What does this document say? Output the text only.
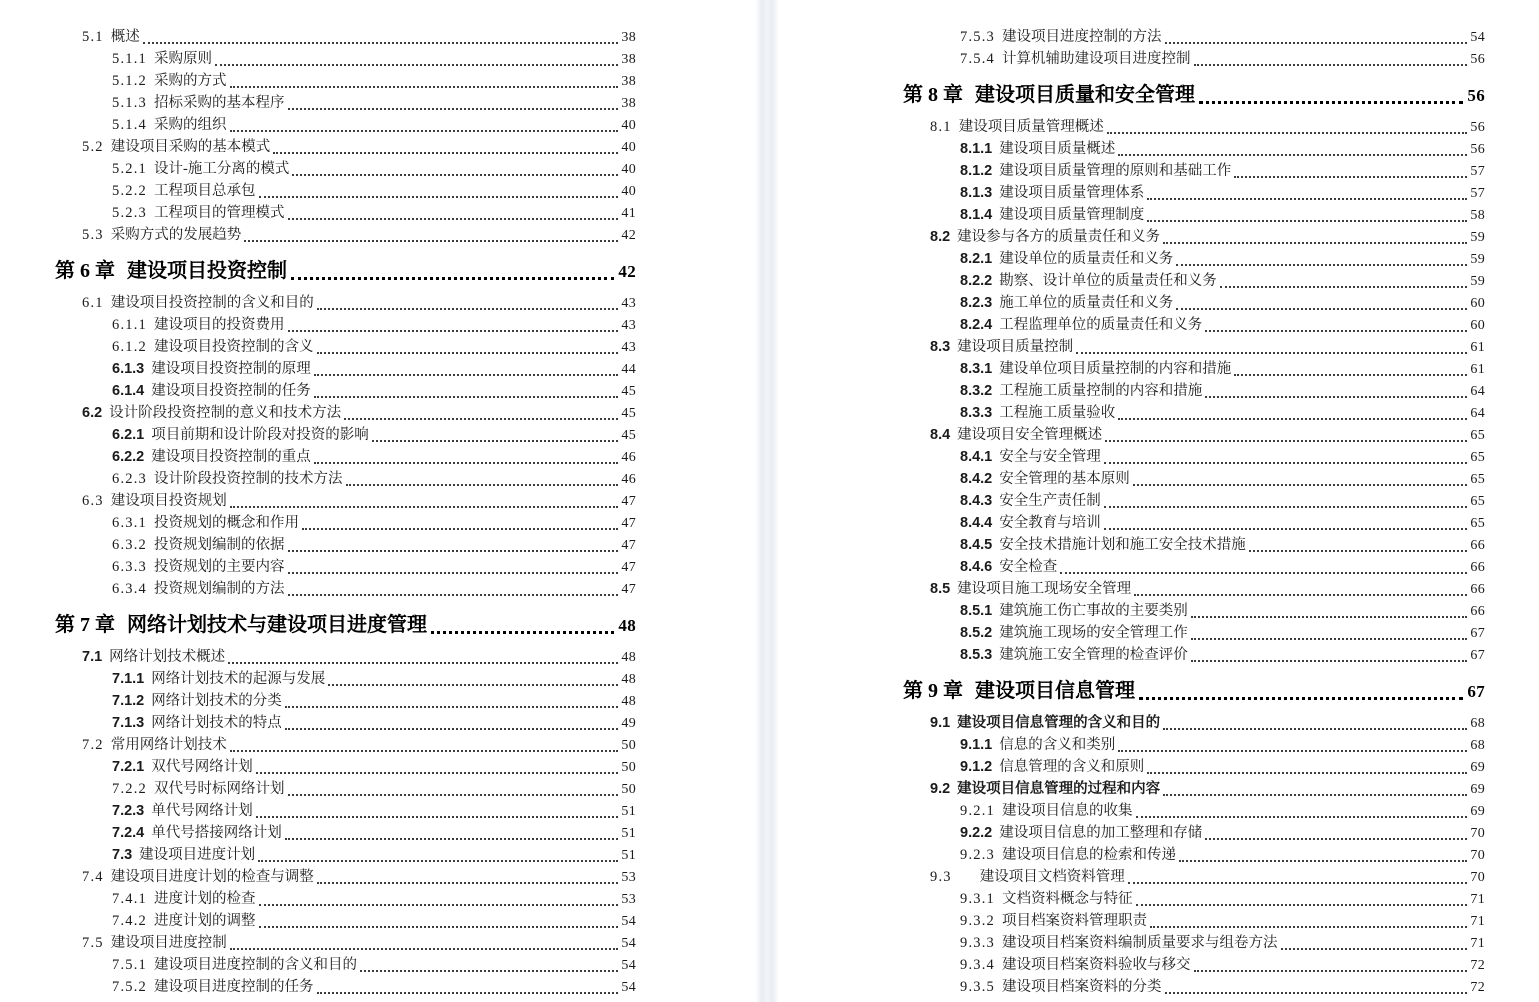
5.1 概述	38
5.1.1 采购原则	38
5.1.2 采购的方式	38
5.1.3 招标采购的基本程序	38
5.1.4 采购的组织	40
5.2 建设项目采购的基本模式	40
5.2.1 设计-施工分离的模式	40
5.2.2 工程项目总承包	40
5.2.3 工程项目的管理模式	41
5.3 采购方式的发展趋势	42
第 6 章 建设项目投资控制	42
6.1 建设项目投资控制的含义和目的	43
6.1.1 建设项目的投资费用	43
6.1.2 建设项目投资控制的含义	43
6.1.3 建设项目投资控制的原理	44
6.1.4 建设项目投资控制的任务	45
6.2 设计阶段投资控制的意义和技术方法	45
6.2.1 项目前期和设计阶段对投资的影响	45
6.2.2 建设项目投资控制的重点	46
6.2.3 设计阶段投资控制的技术方法	46
6.3 建设项目投资规划	47
6.3.1 投资规划的概念和作用	47
6.3.2 投资规划编制的依据	47
6.3.3 投资规划的主要内容	47
6.3.4 投资规划编制的方法	47
第 7 章 网络计划技术与建设项目进度管理	48
7.1 网络计划技术概述	48
7.1.1 网络计划技术的起源与发展	48
7.1.2 网络计划技术的分类	48
7.1.3 网络计划技术的特点	49
7.2 常用网络计划技术	50
7.2.1 双代号网络计划	50
7.2.2 双代号时标网络计划	50
7.2.3 单代号网络计划	51
7.2.4 单代号搭接网络计划	51
7.3 建设项目进度计划	51
7.4 建设项目进度计划的检查与调整	53
7.4.1 进度计划的检查	53
7.4.2 进度计划的调整	54
7.5 建设项目进度控制	54
7.5.1 建设项目进度控制的含义和目的	54
7.5.2 建设项目进度控制的任务	54
7.5.3 建设项目进度控制的方法	54
7.5.4 计算机辅助建设项目进度控制	56
第 8 章 建设项目质量和安全管理	56
8.1 建设项目质量管理概述	56
8.1.1 建设项目质量概述	56
8.1.2 建设项目质量管理的原则和基础工作	57
8.1.3 建设项目质量管理体系	57
8.1.4 建设项目质量管理制度	58
8.2 建设参与各方的质量责任和义务	59
8.2.1 建设单位的质量责任和义务	59
8.2.2 勘察、设计单位的质量责任和义务	59
8.2.3 施工单位的质量责任和义务	60
8.2.4 工程监理单位的质量责任和义务	60
8.3 建设项目质量控制	61
8.3.1 建设单位项目质量控制的内容和措施	61
8.3.2 工程施工质量控制的内容和措施	64
8.3.3 工程施工质量验收	64
8.4 建设项目安全管理概述	65
8.4.1 安全与安全管理	65
8.4.2 安全管理的基本原则	65
8.4.3 安全生产责任制	65
8.4.4 安全教育与培训	65
8.4.5 安全技术措施计划和施工安全技术措施	66
8.4.6 安全检查	66
8.5 建设项目施工现场安全管理	66
8.5.1 建筑施工伤亡事故的主要类别	66
8.5.2 建筑施工现场的安全管理工作	67
8.5.3 建筑施工安全管理的检查评价	67
第 9 章 建设项目信息管理	67
9.1 建设项目信息管理的含义和目的	68
9.1.1 信息的含义和类别	68
9.1.2 信息管理的含义和原则	69
9.2 建设项目信息管理的过程和内容	69
9.2.1 建设项目信息的收集	69
9.2.2 建设项目信息的加工整理和存储	70
9.2.3 建设项目信息的检索和传递	70
9.3 建设项目文档资料管理	70
9.3.1 文档资料概念与特征	71
9.3.2 项目档案资料管理职责	71
9.3.3 建设项目档案资料编制质量要求与组卷方法	71
9.3.4 建设项目档案资料验收与移交	72
9.3.5 建设项目档案资料的分类	72
